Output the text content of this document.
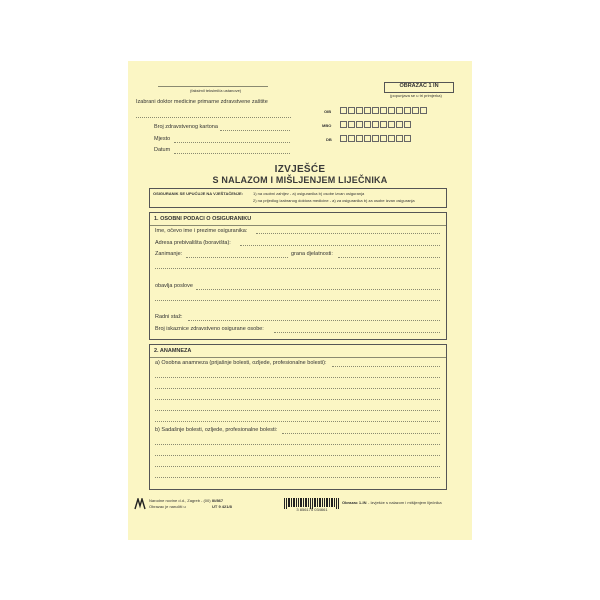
(faksimil teksimil/a ustanove)
OBRAZAC 1 IN
(popunjava se u tri primjerka)
Izabrani doktor medicine primarne zdravstvene zaštite
OIB
MBO
DB
Broj zdravstvenog kartona
Mjesto
Datum
IZVJEŠĆE
S NALAZOM I MIŠLJENJEM LIJEČNIKA
OSIGURANIK SE UPUĆUJE NA VJEŠTAČENJE: 1) na osobni zahtjev - a) osiguranika b) osobe izvan osiguranja
2) na prijedlog izabranog doktora medicine - a) za osiguranika b) za osobe izvan osiguranja
1. OSOBNI PODACI O OSIGURANIKU
Ime, očevo ime i prezime osiguranika:
Adresa prebivališta (boravišta):
Zanimanje:	grana djelatnosti:
obavlja poslove
Radni staž:
Broj iskaznice zdravstveno osigurane osobe:
2. ANAMNEZA
a) Osobna anamneza (prijašnje bolesti, ozljede, profesionalne bolesti):
b) Sadašnje bolesti, ozljede, profesionalne bolesti:
Narodne novine d.d., Zagreb - (00)
Obrazac je naručiti u
III/867
UT 9 421/8
3 856175 034661
Obrazac 1-IN - Izvješće s nalazom i mišljenjem liječnika
